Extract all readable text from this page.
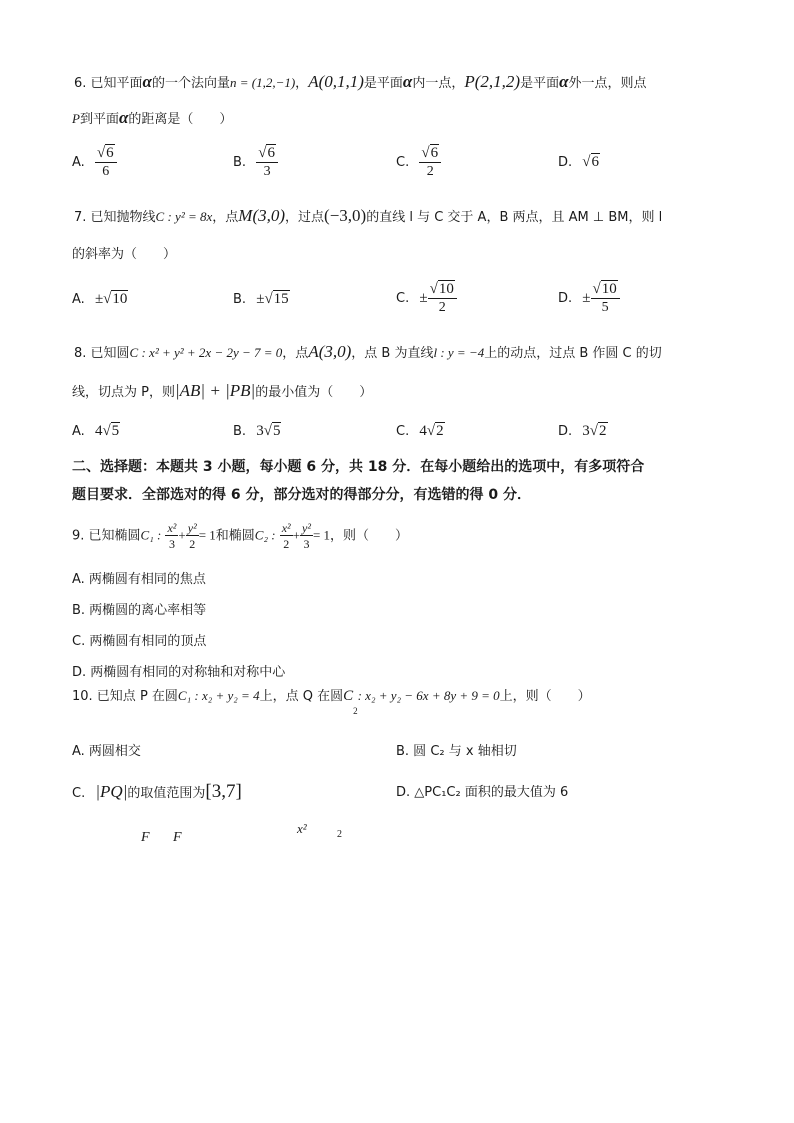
6. 已知平面α的一个法向量n = (1,2,−1)，A(0,1,1)是平面α内一点，P(2,1,2)是平面α外一点，则点
P到平面α的距离是（　　）
A. $\frac{√6}{6}$	B. $\frac{√6}{3}$	C. $\frac{√6}{2}$	D. √6
7. 已知抛物线C : y² = 8x，点M(3,0)，过点(−3,0)的直线 l 与 C 交于 A，B 两点，且 AM ⊥ BM，则 l
的斜率为（　　）
A. ±√10	B. ±√15	C. ± $\frac{√10}{2}$	D. ± $\frac{√10}{5}$
8. 已知圆C : x² + y² + 2x − 2y − 7 = 0，点A(3,0)，点 B 为直线l : y = −4上的动点，过点 B 作圆 C 的切
线，切点为 P，则|AB| + |PB|的最小值为（　　）
A. 4√5	B. 3√5	C. 4√2	D. 3√2
二、选择题：本题共 3 小题，每小题 6 分，共 18 分．在每小题给出的选项中，有多项符合
题目要求．全部选对的得 6 分，部分选对的得部分分，有选错的得 0 分．
9. 已知椭圆C₁ : $\frac{\text{x²}}{3} + \frac{\text{y²}}{2} = 1$和椭圆C₂ : $\frac{\text{x²}}{2} + \frac{\text{y²}}{3} = 1$，则（　　）
A. 两椭圆有相同的焦点
B. 两椭圆的离心率相等
C. 两椭圆有相同的顶点
D. 两椭圆有相同的对称轴和对称中心
10. 已知点 P 在圆C₁ : x₂ + y₂ = 4上，点 Q 在圆$C_2$: x₂ + y₂ − 6x + 8y + 9 = 0上，则（　　）
A. 两圆相交	B. 圆 C₂ 与 x 轴相切
C. |PQ|的取值范围为[3,7]	D. △PC₁C₂ 面积的最大值为 6
F F
x²	2
